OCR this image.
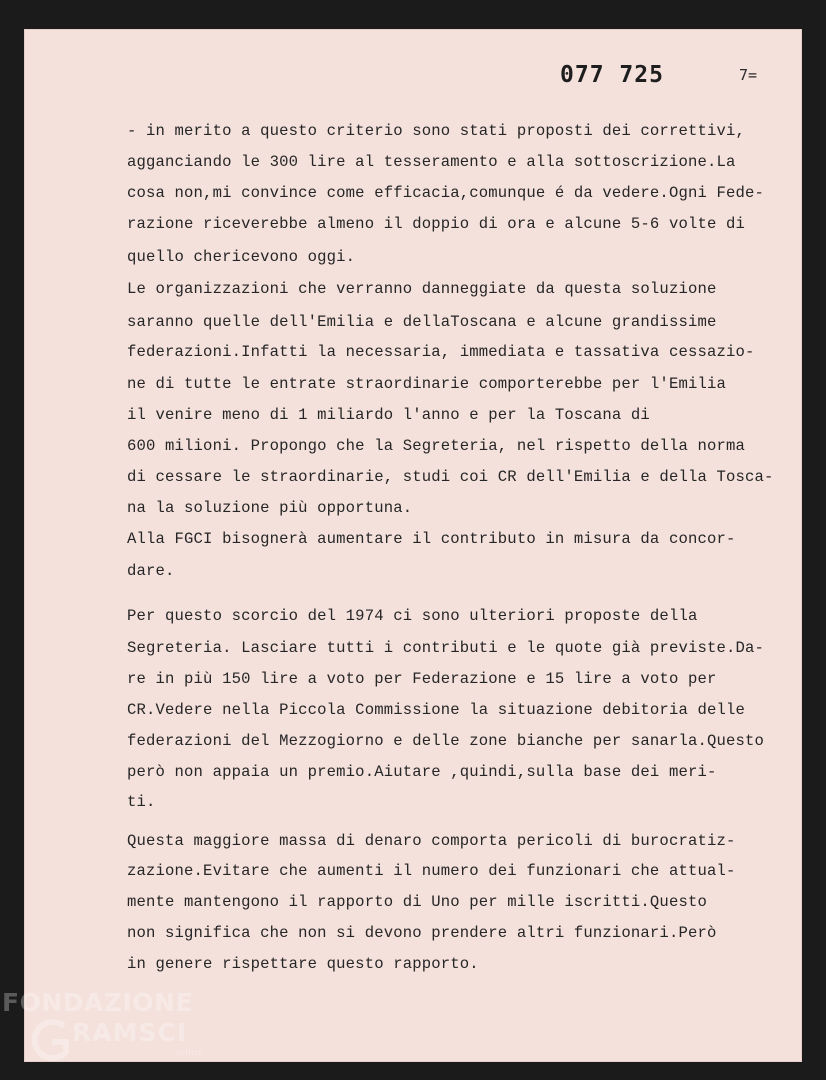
077 725	7=
- in merito a questo criterio sono stati proposti dei correttivi,
agganciando le 300 lire al tesseramento e alla sottoscrizione.La
cosa non,mi convince come efficacia,comunque é da vedere.Ogni Fede-
razione riceverebbe almeno il doppio di ora e alcune 5-6 volte di
quello chericevono oggi.
Le organizzazioni che verranno danneggiate da questa soluzione
saranno quelle dell'Emilia e dellaToscana e alcune grandissime
federazioni.Infatti la necessaria, immediata e tassativa cessazio-
ne di tutte le entrate straordinarie comporterebbe per l'Emilia
il venire meno di 1 miliardo l'anno e per la Toscana di
600 milioni. Propongo che la Segreteria, nel rispetto della norma
di cessare le straordinarie, studi coi CR dell'Emilia e della Tosca-
na la soluzione più opportuna.
Alla FGCI bisognerà aumentare il contributo in misura da concor-
dare.
Per questo scorcio del 1974 ci sono ulteriori proposte della
Segreteria. Lasciare tutti i contributi e le quote già previste.Da-
re in più 150 lire a voto per Federazione e 15 lire a voto per
CR.Vedere nella Piccola Commissione la situazione debitoria delle
federazioni del Mezzogiorno e delle zone bianche per sanarla.Questo
però non appaia un premio.Aiutare ,quindi,sulla base dei meri-
ti.
Questa maggiore massa di denaro comporta pericoli di burocratiz-
zazione.Evitare che aumenti il numero dei funzionari che attual-
mente mantengono il rapporto di Uno per mille iscritti.Questo
non significa che non si devono prendere altri funzionari.Però
in genere rispettare questo rapporto.
FONDAZIONE
RAMSCI
onlus
